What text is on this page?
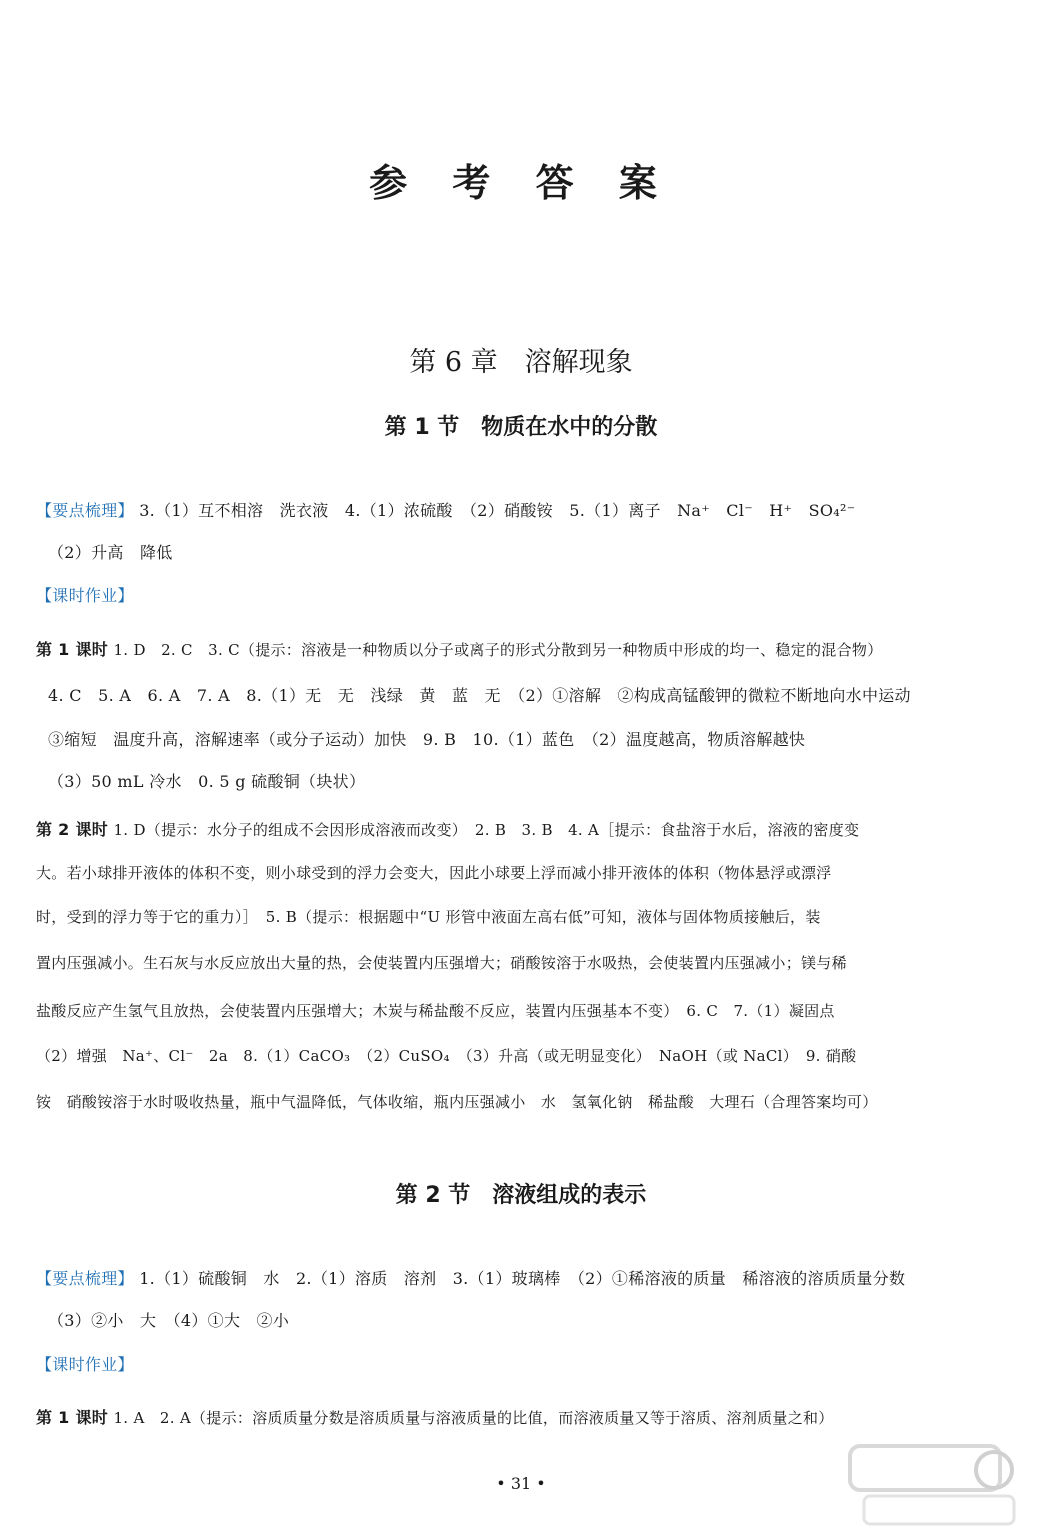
参 考 答 案
第 6 章　溶解现象
第 1 节　物质在水中的分散
【要点梳理】 3.（1）互不相溶　洗衣液　4.（1）浓硫酸　（2）硝酸铵　5.（1）离子　Na⁺　Cl⁻　H⁺　SO₄²⁻
（2）升高　降低
【课时作业】
第 1 课时 1. D　2. C　3. C（提示：溶液是一种物质以分子或离子的形式分散到另一种物质中形成的均一、稳定的混合物）
4. C　5. A　6. A　7. A　8.（1）无　无　浅绿　黄　蓝　无　（2）①溶解　②构成高锰酸钾的微粒不断地向水中运动
③缩短　温度升高，溶解速率（或分子运动）加快　9. B　10.（1）蓝色　（2）温度越高，物质溶解越快
（3）50 mL 冷水　0. 5 g 硫酸铜（块状）
第 2 课时 1. D（提示：水分子的组成不会因形成溶液而改变）　2. B　3. B　4. A［提示：食盐溶于水后，溶液的密度变
大。若小球排开液体的体积不变，则小球受到的浮力会变大，因此小球要上浮而减小排开液体的体积（物体悬浮或漂浮
时，受到的浮力等于它的重力）］　5. B（提示：根据题中“U 形管中液面左高右低”可知，液体与固体物质接触后，装
置内压强减小。生石灰与水反应放出大量的热，会使装置内压强增大；硝酸铵溶于水吸热，会使装置内压强减小；镁与稀
盐酸反应产生氢气且放热，会使装置内压强增大；木炭与稀盐酸不反应，装置内压强基本不变）　6. C　7.（1）凝固点
（2）增强　Na⁺、Cl⁻　2a　8.（1）CaCO₃　（2）CuSO₄　（3）升高（或无明显变化）　NaOH（或 NaCl）　9. 硝酸
铵　硝酸铵溶于水时吸收热量，瓶中气温降低，气体收缩，瓶内压强减小　水　氢氧化钠　稀盐酸　大理石（合理答案均可）
第 2 节　溶液组成的表示
【要点梳理】 1.（1）硫酸铜　水　2.（1）溶质　溶剂　3.（1）玻璃棒　（2）①稀溶液的质量　稀溶液的溶质质量分数
（3）②小　大　（4）①大　②小
【课时作业】
第 1 课时 1. A　2. A（提示：溶质质量分数是溶质质量与溶液质量的比值，而溶液质量又等于溶质、溶剂质量之和）
• 31 •
